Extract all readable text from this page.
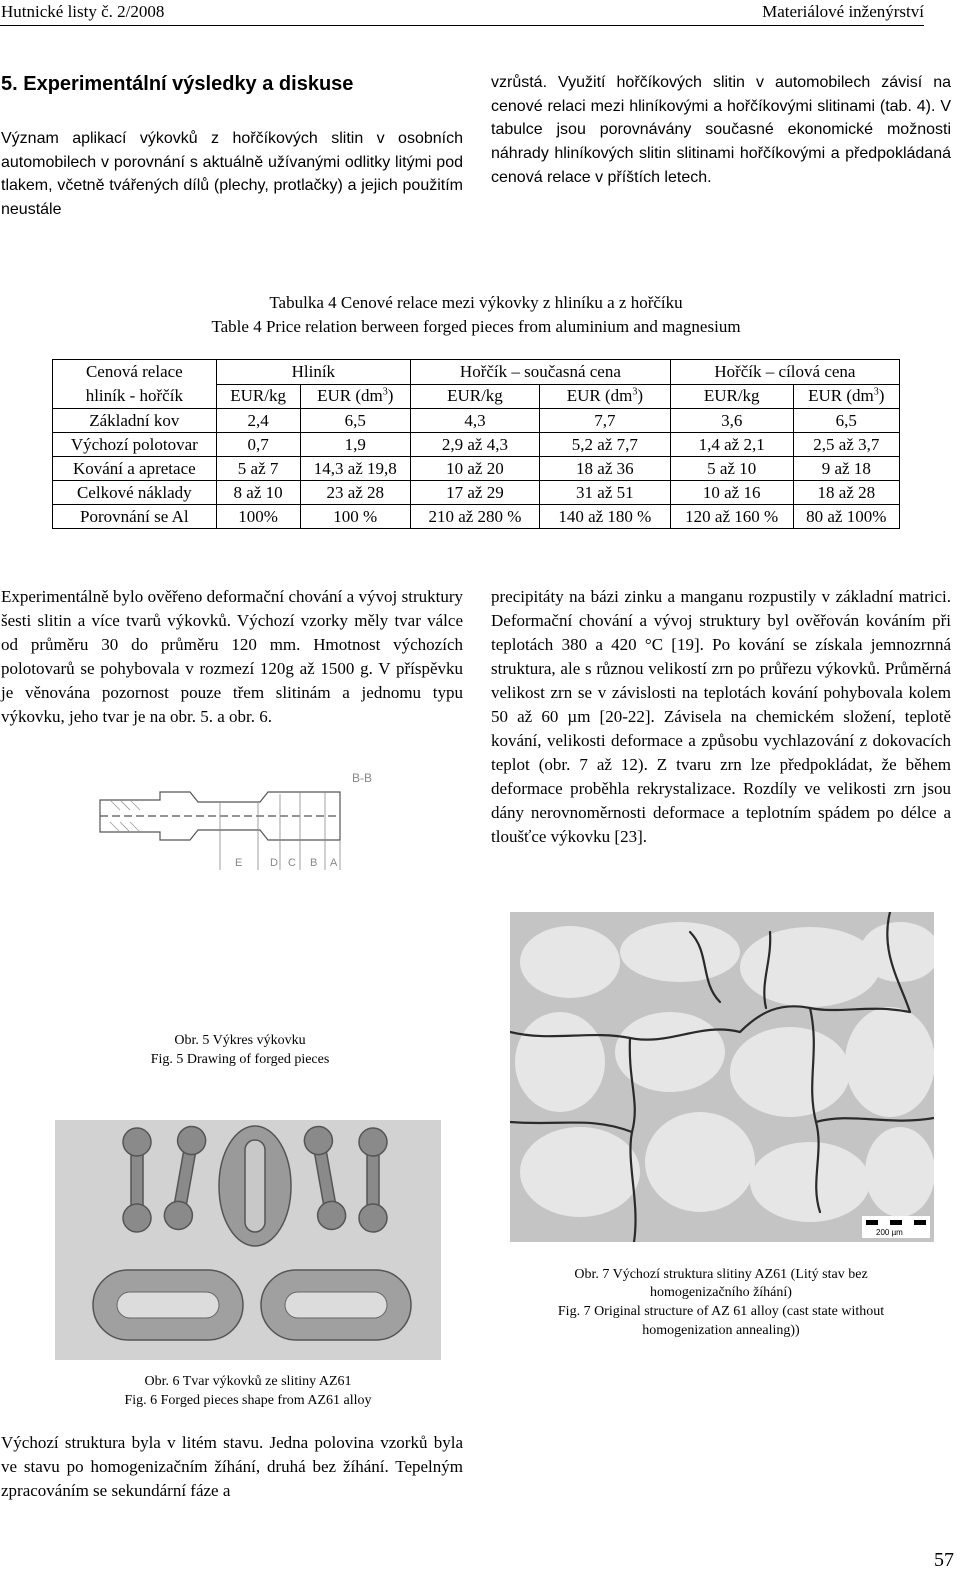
Hutnické listy č. 2/2008	Materiálové inženýrství
5. Experimentální výsledky a diskuse
Význam aplikací výkovků z hořčíkových slitin v osobních automobilech v porovnání s aktuálně užívanými odlitky litými pod tlakem, včetně tvářených dílů (plechy, protlačky) a jejich použitím neustále
vzrůstá. Využití hořčíkových slitin v automobilech závisí na cenové relaci mezi hliníkovými a hořčíkovými slitinami (tab. 4). V tabulce jsou porovnávány současné ekonomické možnosti náhrady hliníkových slitin slitinami hořčíkovými a předpokládaná cenová relace v příštích letech.
Tabulka 4 Cenové relace mezi výkovky z hliníku a z hořčíku
Table 4 Price relation berween forged pieces from aluminium and magnesium
Cenová relace
hliník - hořčík	Hliník		Hořčík – současná cena		Hořčík – cílová cena	
	EUR/kg	EUR $(dm^3)$	EUR/kg	EUR $(dm^3)$	EUR/kg	EUR $(dm^3)$
Základní kov	2,4	6,5	4,3	7,7	3,6	6,5
Výchozí polotovar	0,7	1,9	2,9 až 4,3	5,2 až 7,7	1,4 až 2,1	2,5 až 3,7
Kování a apretace	5 až 7	14,3 až 19,8	10 až 20	18 až 36	5 až 10	9 až 18
Celkové náklady	8 až 10	23 až 28	17 až 29	31 až 51	10 až 16	18 až 28
Porovnání se Al	100%	100 %	210 až 280 %	140 až 180 %	120 až 160 %	80 až 100%
Experimentálně bylo ověřeno deformační chování a vývoj struktury šesti slitin a více tvarů výkovků. Výchozí vzorky měly tvar válce od průměru 30 do průměru 120 mm. Hmotnost výchozích polotovarů se pohybovala v rozmezí 120g až 1500 g. V příspěvku je věnována pozornost pouze třem slitinám a jednomu typu výkovku, jeho tvar je na obr. 5. a obr. 6.
precipitáty na bázi zinku a manganu rozpustily v základní matrici. Deformační chování a vývoj struktury byl ověřován kováním při teplotách 380 a 420 °C [19]. Po kování se získala jemnozrnná struktura, ale s různou velikostí zrn po průřezu výkovků. Průměrná velikost zrn se v závislosti na teplotách kování pohybovala kolem 50 až 60 µm [20-22]. Závisela na chemickém složení, teplotě kování, velikosti deformace a způsobu vychlazování z dokovacích teplot (obr. 7 až 12). Z tvaru zrn lze předpokládat, že během deformace proběhla rekrystalizace. Rozdíly ve velikosti zrn jsou dány nerovnoměrnosti deformace a teplotním spádem po délce a tloušťce výkovku [23].
E	D C B A
B-B
Obr. 5 Výkres výkovku
Fig. 5 Drawing of forged pieces
Obr. 6 Tvar výkovků ze slitiny AZ61
Fig. 6 Forged pieces shape from AZ61 alloy
200 µm
Obr. 7 Výchozí struktura slitiny AZ61 (Litý stav bez
homogenizačního žíhání)
Fig. 7 Original structure of AZ 61 alloy (cast state without
homogenization annealing))
Výchozí struktura byla v litém stavu. Jedna polovina vzorků byla ve stavu po homogenizačním žíhání, druhá bez žíhání. Tepelným zpracováním se sekundární fáze a
57
